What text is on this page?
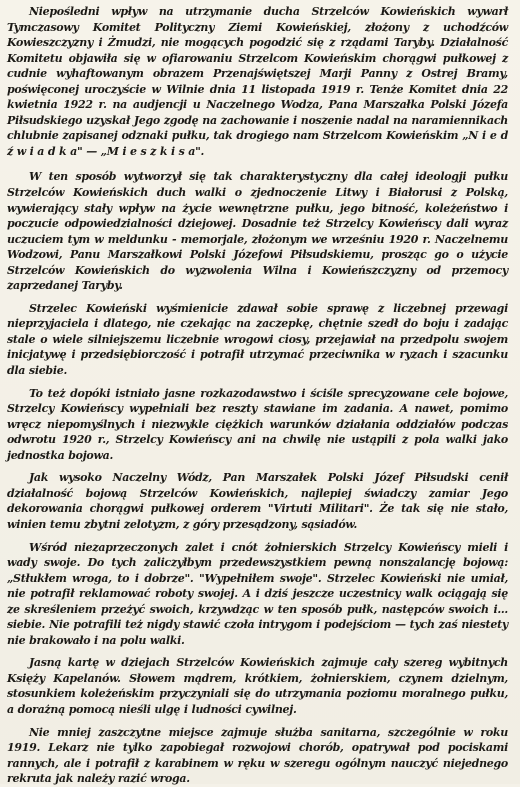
Niepośledni wpływ na utrzymanie ducha Strzelców Kowieńskich wywarł Tymczasowy Komitet Polityczny Ziemi Kowieńskiej, złożony z uchodźców Kowieszczyzny i Żmudzi, nie mogących pogodzić się z rządami Taryby. Działalność Komitetu objawiła się w ofiarowaniu Strzelcom Kowieńskim chorągwi pułkowej z cudnie wyhaftowanym obrazem Przenajświętszej Marji Panny z Ostrej Bramy, poświęconej uroczyście w Wilnie dnia 11 listopada 1919 r. Tenże Komitet dnia 22 kwietnia 1922 r. na audjencji u Naczelnego Wodza, Pana Marszałka Polski Józefa Piłsudskiego uzyskał Jego zgodę na zachowanie i noszenie nadal na naramiennikach chlubnie zapisanej odznaki pułku, tak drogiego nam Strzelcom Kowieńskim „N i e d ź w i a d k a" — „M i e s z k i s a".

W ten sposób wytworzył się tak charakterystyczny dla całej ideologji pułku Strzelców Kowieńskich duch walki o zjednoczenie Litwy i Białorusi z Polską, wywierający stały wpływ na życie wewnętrzne pułku, jego bitność, koleżeństwo i poczucie odpowiedzialności dziejowej. Dosadnie też Strzelcy Kowieńscy dali wyraz uczuciem tym w meldunku - memorjale, złożonym we wrześniu 1920 r. Naczelnemu Wodzowi, Panu Marszałkowi Polski Józefowi Piłsudskiemu, prosząc go o użycie Strzelców Kowieńskich do wyzwolenia Wilna i Kowieńszczyzny od przemocy zaprzedanej Taryby.

Strzelec Kowieński wyśmienicie zdawał sobie sprawę z liczebnej przewagi nieprzyjaciela i dlatego, nie czekając na zaczepkę, chętnie szedł do boju i zadając stale o wiele silniejszemu liczebnie wrogowi ciosy, przejawiał na przedpolu swojem inicjatywę i przedsiębiorczość i potrafił utrzymać przeciwnika w ryzach i szacunku dla siebie.

To też dopóki istniało jasne rozkazodawstwo i ściśle sprecyzowane cele bojowe, Strzelcy Kowieńscy wypełniali bez reszty stawiane im zadania. A nawet, pomimo wręcz niepomyślnych i niezwykle ciężkich warunków działania oddziałów podczas odwrotu 1920 r., Strzelcy Kowieńscy ani na chwilę nie ustąpili z pola walki jako jednostka bojowa.

Jak wysoko Naczelny Wódz, Pan Marszałek Polski Józef Piłsudski cenił działalność bojową Strzelców Kowieńskich, najlepiej świadczy zamiar Jego dekorowania chorągwi pułkowej orderem "Virtuti Militari". Że tak się nie stało, winien temu zbytni zelotyzm, z góry przesądzony, sąsiadów.

Wśród niezaprzeczonych zalet i cnót żołnierskich Strzelcy Kowieńscy mieli i wady swoje. Do tych zaliczyłbym przedewszystkiem pewną nonszalancję bojową: „Stłukłem wroga, to i dobrze". "Wypełniłem swoje". Strzelec Kowieński nie umiał, nie potrafił reklamować roboty swojej. A i dziś jeszcze uczestnicy walk ociągają się ze skreśleniem przeżyć swoich, krzywdząc w ten sposób pułk, następców swoich i... siebie. Nie potrafili też nigdy stawić czoła intrygom i podejściom — tych zaś niestety nie brakowało i na polu walki.

Jasną kartę w dziejach Strzelców Kowieńskich zajmuje cały szereg wybitnych Księży Kapelanów. Słowem mądrem, krótkiem, żołnierskiem, czynem dzielnym, stosunkiem koleżeńskim przyczyniali się do utrzymania poziomu moralnego pułku, a dorażną pomocą nieśli ulgę i ludności cywilnej.

Nie mniej zaszczytne miejsce zajmuje służba sanitarna, szczególnie w roku 1919. Lekarz nie tylko zapobiegał rozwojowi chorób, opatrywał pod pociskami rannych, ale i potrafił z karabinem w ręku w szeregu ogólnym nauczyć niejednego rekruta jak należy razić wroga.
